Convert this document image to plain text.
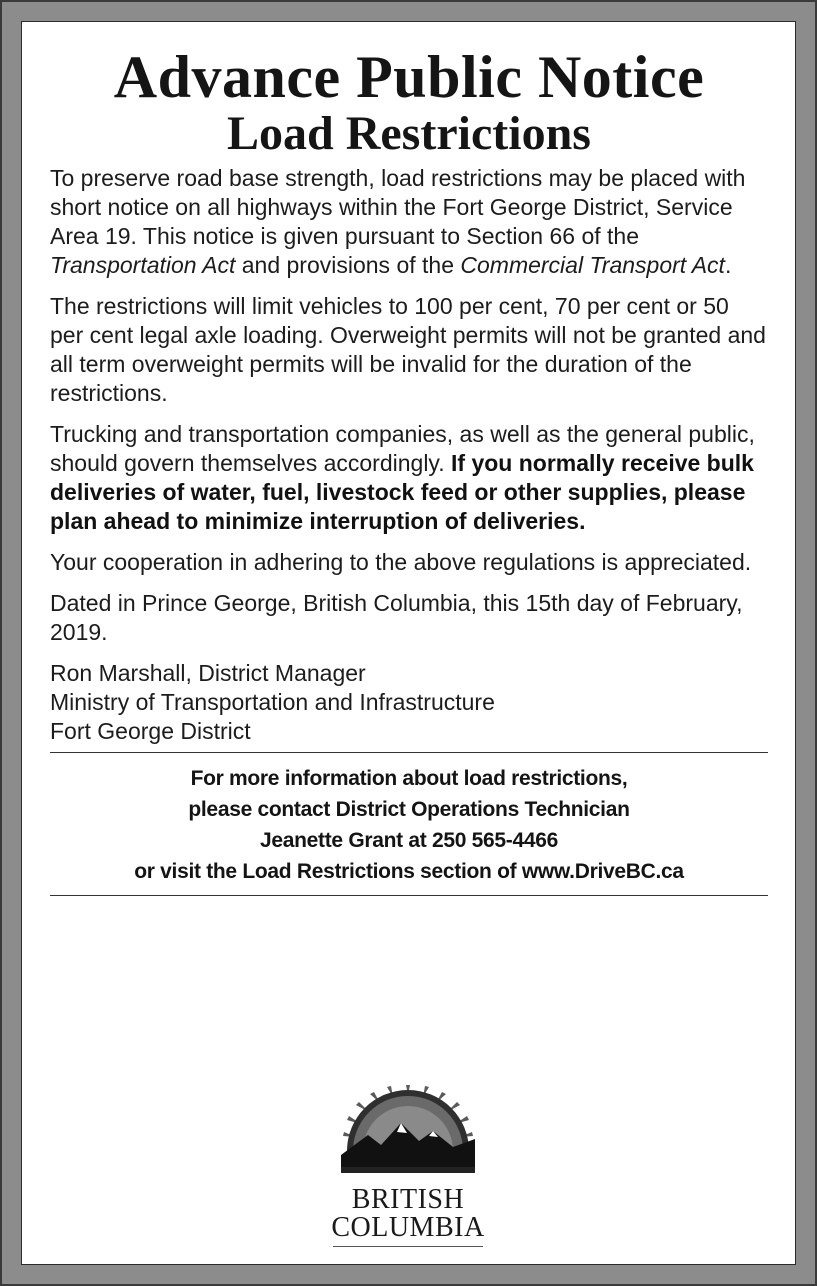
Advance Public Notice
Load Restrictions

To preserve road base strength, load restrictions may be placed with short notice on all highways within the Fort George District, Service Area 19. This notice is given pursuant to Section 66 of the Transportation Act and provisions of the Commercial Transport Act.

The restrictions will limit vehicles to 100 per cent, 70 per cent or 50 per cent legal axle loading. Overweight permits will not be granted and all term overweight permits will be invalid for the duration of the restrictions.

Trucking and transportation companies, as well as the general public, should govern themselves accordingly. If you normally receive bulk deliveries of water, fuel, livestock feed or other supplies, please plan ahead to minimize interruption of deliveries.

Your cooperation in adhering to the above regulations is appreciated.

Dated in Prince George, British Columbia, this 15th day of February, 2019.

Ron Marshall, District Manager
Ministry of Transportation and Infrastructure
Fort George District

For more information about load restrictions,
please contact District Operations Technician
Jeanette Grant at 250 565-4466
or visit the Load Restrictions section of www.DriveBC.ca
BRITISH
COLUMBIA
